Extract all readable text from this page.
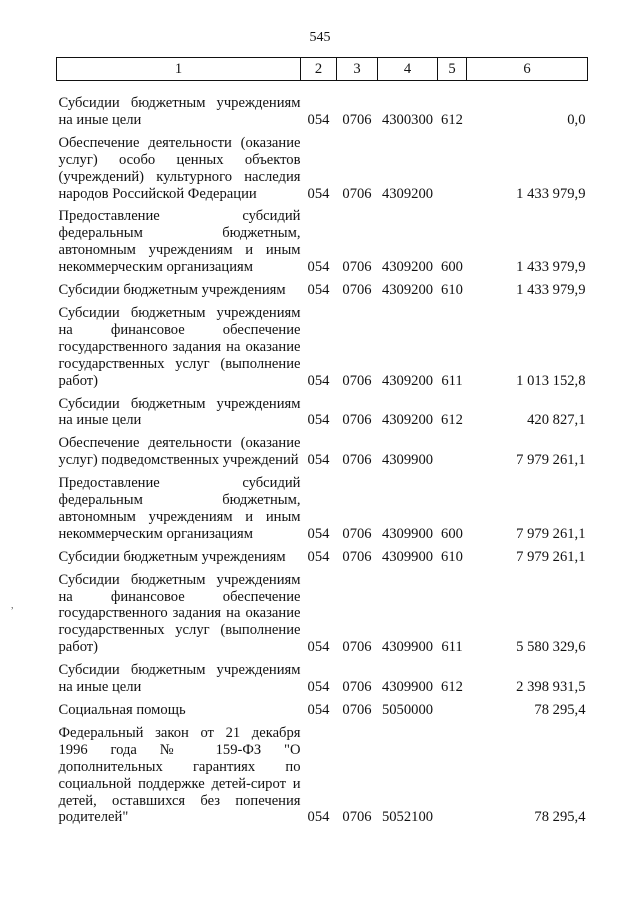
545
,
1	2	3	4	5	6

Субсидии бюджетным учреждениям на иные цели	054	0706	4300300	612	0,0

Обеспечение деятельности (оказание услуг) особо ценных объектов (учреждений) культурного наследия народов Российской Федерации	054	0706	4309200		1 433 979,9

Предоставление субсидий федеральным бюджетным, автономным учреждениям и иным некоммерческим организациям	054	0706	4309200	600	1 433 979,9

Субсидии бюджетным учреждениям	054	0706	4309200	610	1 433 979,9

Субсидии бюджетным учреждениям на финансовое обеспечение государственного задания на оказание государственных услуг (выполнение работ)	054	0706	4309200	611	1 013 152,8

Субсидии бюджетным учреждениям на иные цели	054	0706	4309200	612	420 827,1

Обеспечение деятельности (оказание услуг) подведомственных учреждений	054	0706	4309900		7 979 261,1

Предоставление субсидий федеральным бюджетным, автономным учреждениям и иным некоммерческим организациям	054	0706	4309900	600	7 979 261,1

Субсидии бюджетным учреждениям	054	0706	4309900	610	7 979 261,1

Субсидии бюджетным учреждениям на финансовое обеспечение государственного задания на оказание государственных услуг (выполнение работ)	054	0706	4309900	611	5 580 329,6

Субсидии бюджетным учреждениям на иные цели	054	0706	4309900	612	2 398 931,5

Социальная помощь	054	0706	5050000		78 295,4

Федеральный закон от 21 декабря 1996 года № 159-ФЗ "О дополнительных гарантиях по социальной поддержке детей-сирот и детей, оставшихся без попечения родителей"	054	0706	5052100		78 295,4
